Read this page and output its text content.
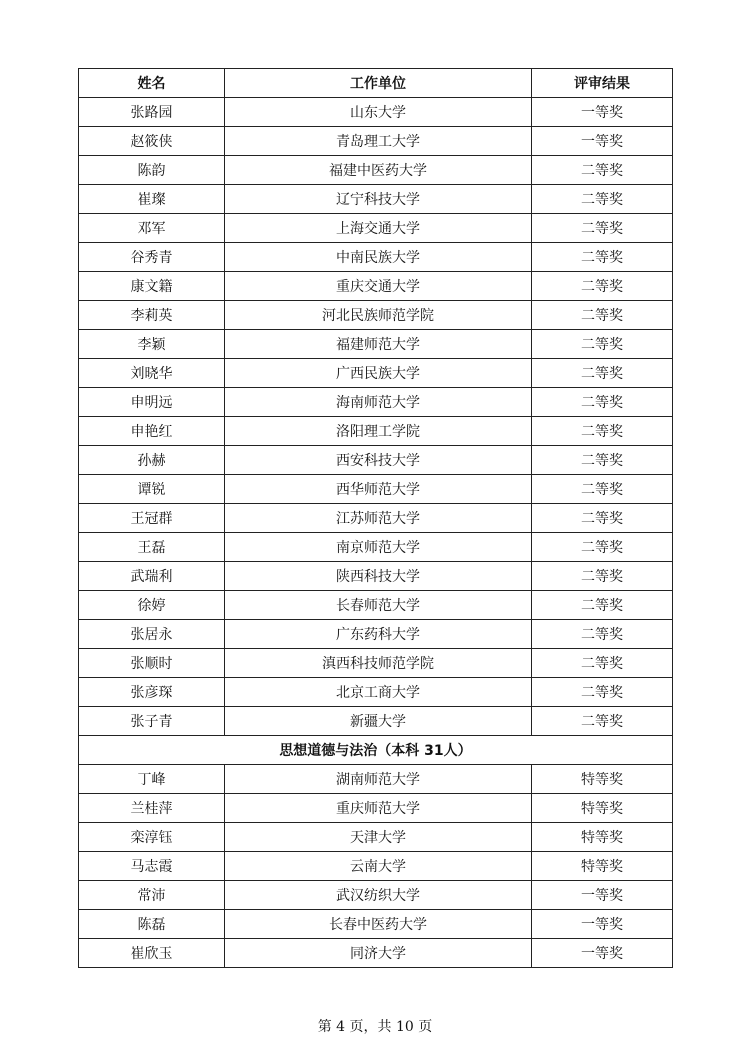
姓名	工作单位	评审结果
张路园	山东大学	一等奖
赵筱侠	青岛理工大学	一等奖
陈韵	福建中医药大学	二等奖
崔璨	辽宁科技大学	二等奖
邓军	上海交通大学	二等奖
谷秀青	中南民族大学	二等奖
康文籍	重庆交通大学	二等奖
李莉英	河北民族师范学院	二等奖
李颖	福建师范大学	二等奖
刘晓华	广西民族大学	二等奖
申明远	海南师范大学	二等奖
申艳红	洛阳理工学院	二等奖
孙赫	西安科技大学	二等奖
谭锐	西华师范大学	二等奖
王冠群	江苏师范大学	二等奖
王磊	南京师范大学	二等奖
武瑞利	陕西科技大学	二等奖
徐婷	长春师范大学	二等奖
张居永	广东药科大学	二等奖
张顺时	滇西科技师范学院	二等奖
张彦琛	北京工商大学	二等奖
张子青	新疆大学	二等奖
思想道德与法治（本科 31人）		
丁峰	湖南师范大学	特等奖
兰桂萍	重庆师范大学	特等奖
栾淳钰	天津大学	特等奖
马志霞	云南大学	特等奖
常沛	武汉纺织大学	一等奖
陈磊	长春中医药大学	一等奖
崔欣玉	同济大学	一等奖
第 4 页，共 10 页
